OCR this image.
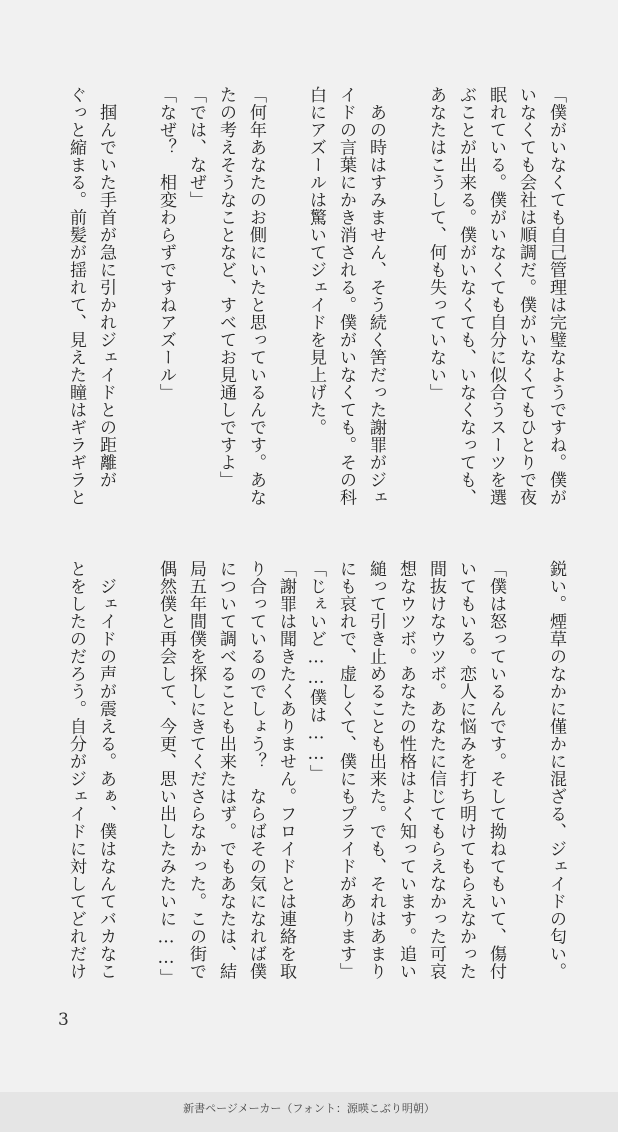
「僕がいなくても自己管理は完璧なようですね。僕が
いなくても会社は順調だ。僕がいなくてもひとりで夜
眠れている。僕がいなくても自分に似合うスーツを選
ぶことが出来る。僕がいなくても、いなくなっても、
あなたはこうして、何も失っていない」
　あの時はすみません、そう続く筈だった謝罪がジェ
イドの言葉にかき消される。僕がいなくても。その科
白にアズールは驚いてジェイドを見上げた。
「何年あなたのお側にいたと思っているんです。あな
たの考えそうなことなど、すべてお見通しですよ」
「では、なぜ」
「なぜ？　相変わらずですねアズール」
　掴んでいた手首が急に引かれジェイドとの距離が
ぐっと縮まる。前髪が揺れて、見えた瞳はギラギラと
鋭い。煙草のなかに僅かに混ざる、ジェイドの匂い。
「僕は怒っているんです。そして拗ねてもいて、傷付
いてもいる。恋人に悩みを打ち明けてもらえなかった
間抜けなウツボ。あなたに信じてもらえなかった可哀
想なウツボ。あなたの性格はよく知っています。追い
縋って引き止めることも出来た。でも、それはあまり
にも哀れで、虚しくて、僕にもプライドがあります」
「じぇいど……僕は……」
「謝罪は聞きたくありません。フロイドとは連絡を取
り合っているのでしょう？　ならばその気になれば僕
について調べることも出来たはず。でもあなたは、結
局五年間僕を探しにきてくださらなかった。この街で
偶然僕と再会して、今更、思い出したみたいに……」
　ジェイドの声が震える。あぁ、僕はなんてバカなこ
とをしたのだろう。自分がジェイドに対してどれだけ
3
新書ページメーカー（フォント：源暎こぶり明朝）
